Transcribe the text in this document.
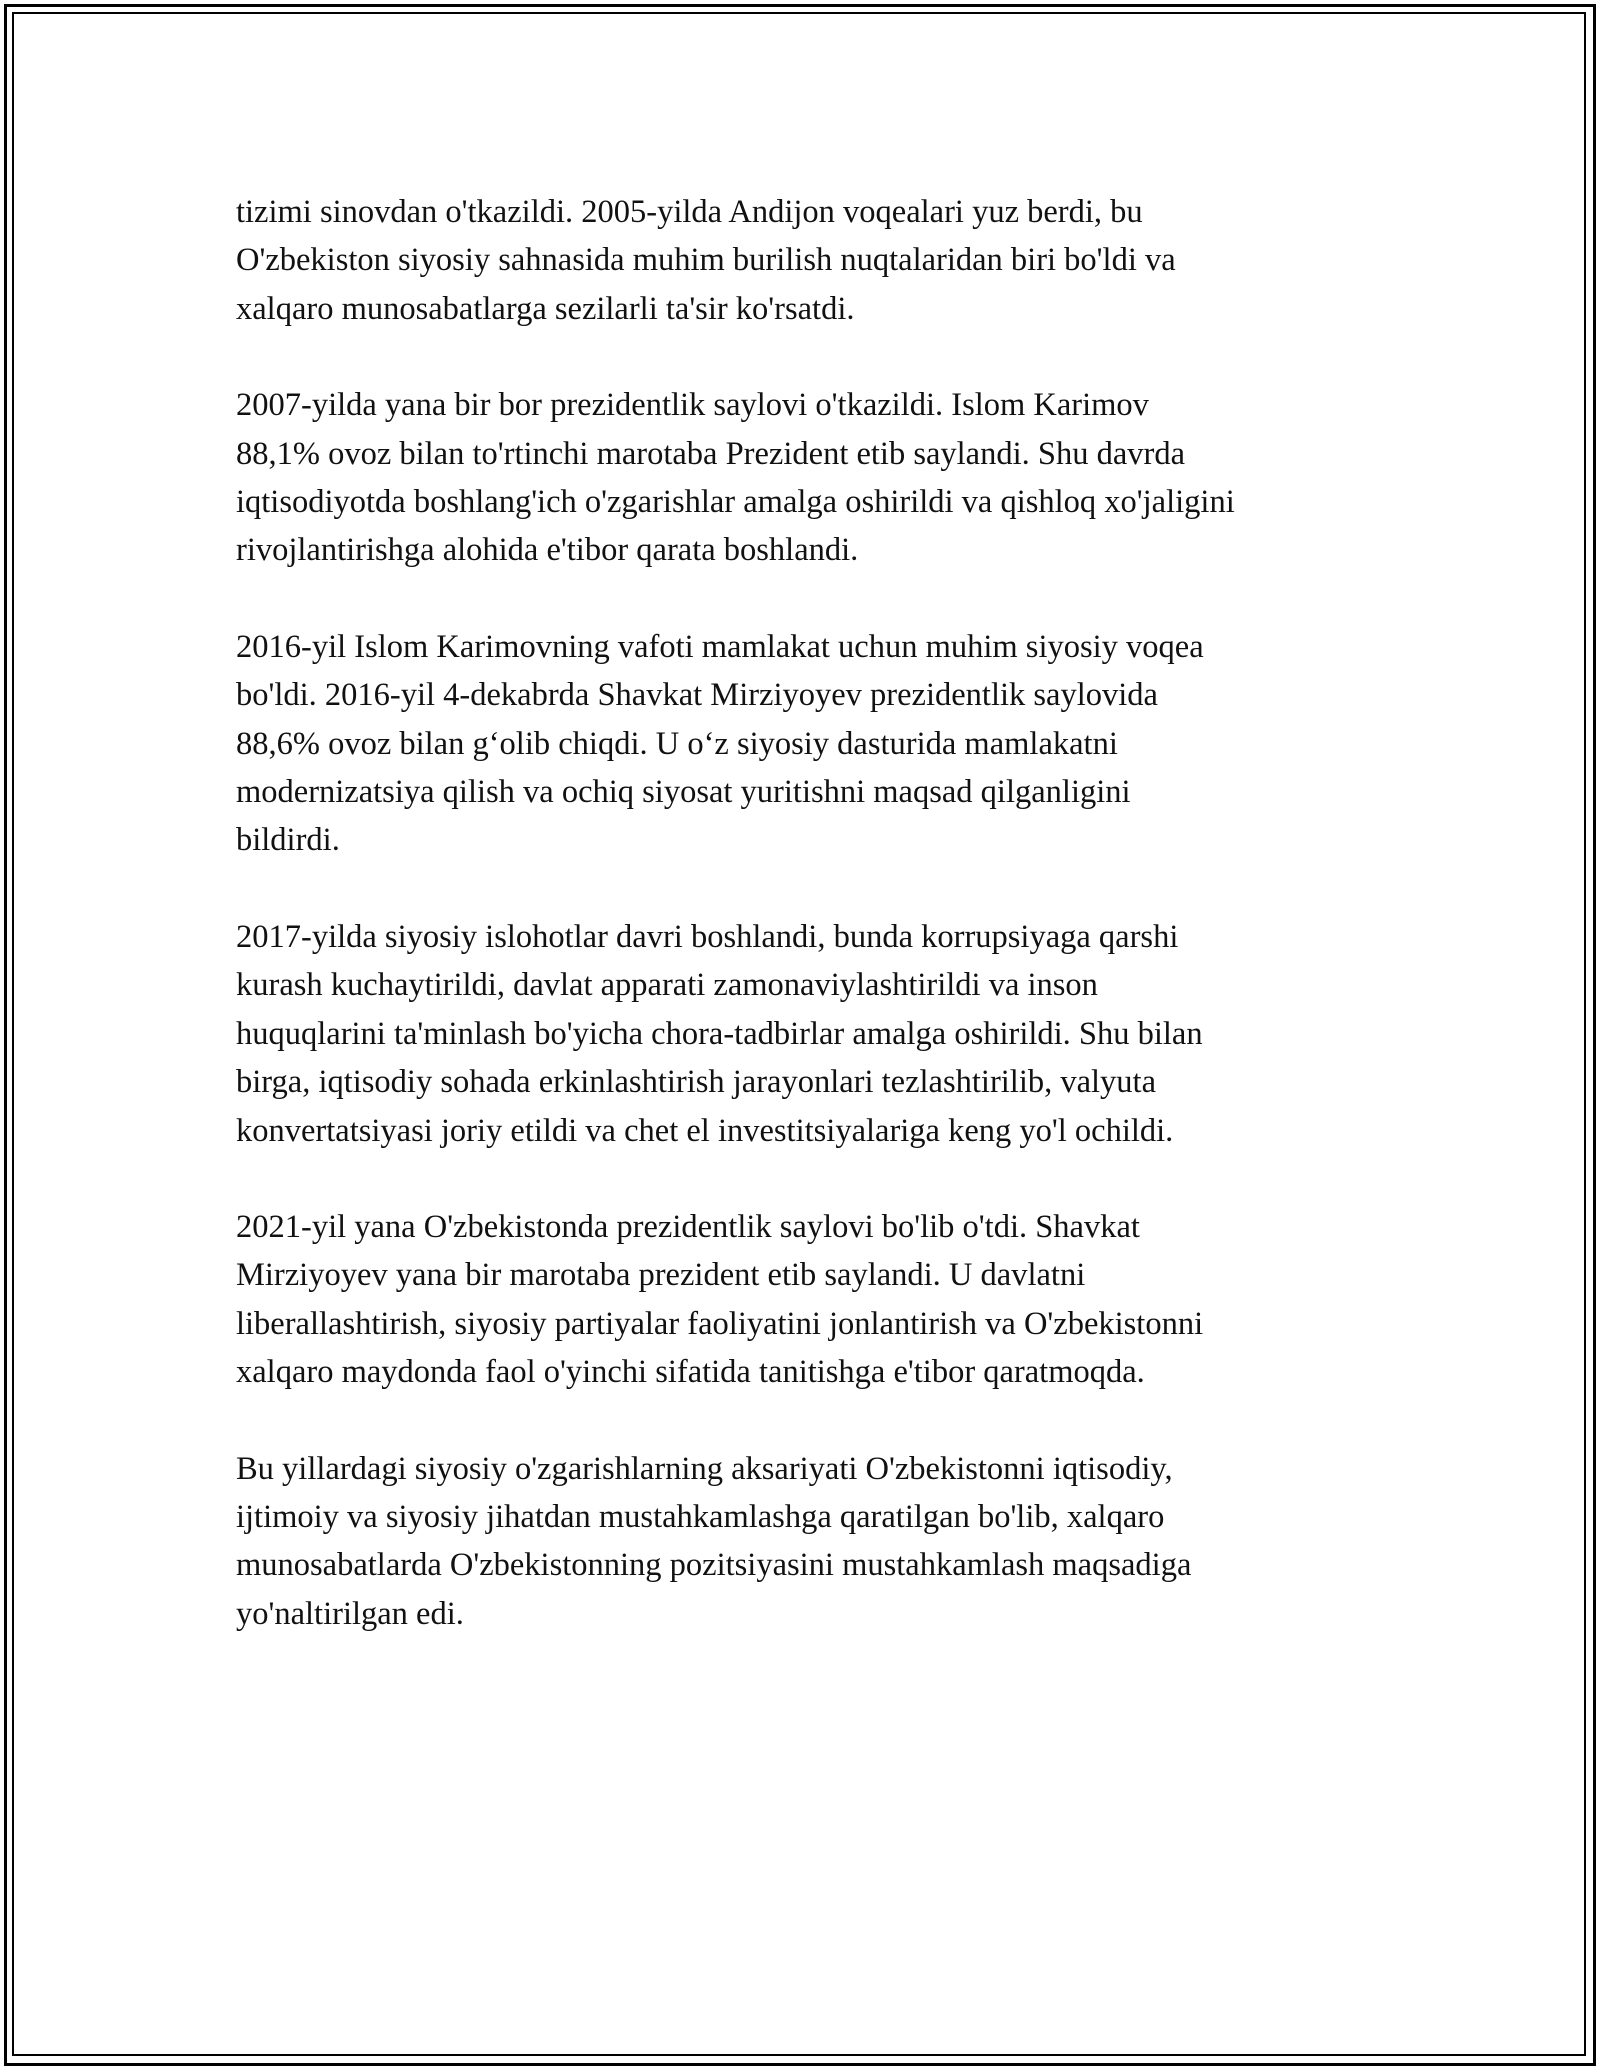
tizimi sinovdan o'tkazildi. 2005-yilda Andijon voqealari yuz berdi, bu
O'zbekiston siyosiy sahnasida muhim burilish nuqtalaridan biri bo'ldi va
xalqaro munosabatlarga sezilarli ta'sir ko'rsatdi.

2007-yilda yana bir bor prezidentlik saylovi o'tkazildi. Islom Karimov
88,1% ovoz bilan to'rtinchi marotaba Prezident etib saylandi. Shu davrda
iqtisodiyotda boshlang'ich o'zgarishlar amalga oshirildi va qishloq xo'jaligini
rivojlantirishga alohida e'tibor qarata boshlandi.

2016-yil Islom Karimovning vafoti mamlakat uchun muhim siyosiy voqea
bo'ldi. 2016-yil 4-dekabrda Shavkat Mirziyoyev prezidentlik saylovida
88,6% ovoz bilan g‘olib chiqdi. U o‘z siyosiy dasturida mamlakatni
modernizatsiya qilish va ochiq siyosat yuritishni maqsad qilganligini
bildirdi.

2017-yilda siyosiy islohotlar davri boshlandi, bunda korrupsiyaga qarshi
kurash kuchaytirildi, davlat apparati zamonaviylashtirildi va inson
huquqlarini ta'minlash bo'yicha chora-tadbirlar amalga oshirildi. Shu bilan
birga, iqtisodiy sohada erkinlashtirish jarayonlari tezlashtirilib, valyuta
konvertatsiyasi joriy etildi va chet el investitsiyalariga keng yo'l ochildi.

2021-yil yana O'zbekistonda prezidentlik saylovi bo'lib o'tdi. Shavkat
Mirziyoyev yana bir marotaba prezident etib saylandi. U davlatni
liberallashtirish, siyosiy partiyalar faoliyatini jonlantirish va O'zbekistonni
xalqaro maydonda faol o'yinchi sifatida tanitishga e'tibor qaratmoqda.

Bu yillardagi siyosiy o'zgarishlarning aksariyati O'zbekistonni iqtisodiy,
ijtimoiy va siyosiy jihatdan mustahkamlashga qaratilgan bo'lib, xalqaro
munosabatlarda O'zbekistonning pozitsiyasini mustahkamlash maqsadiga
yo'naltirilgan edi.
